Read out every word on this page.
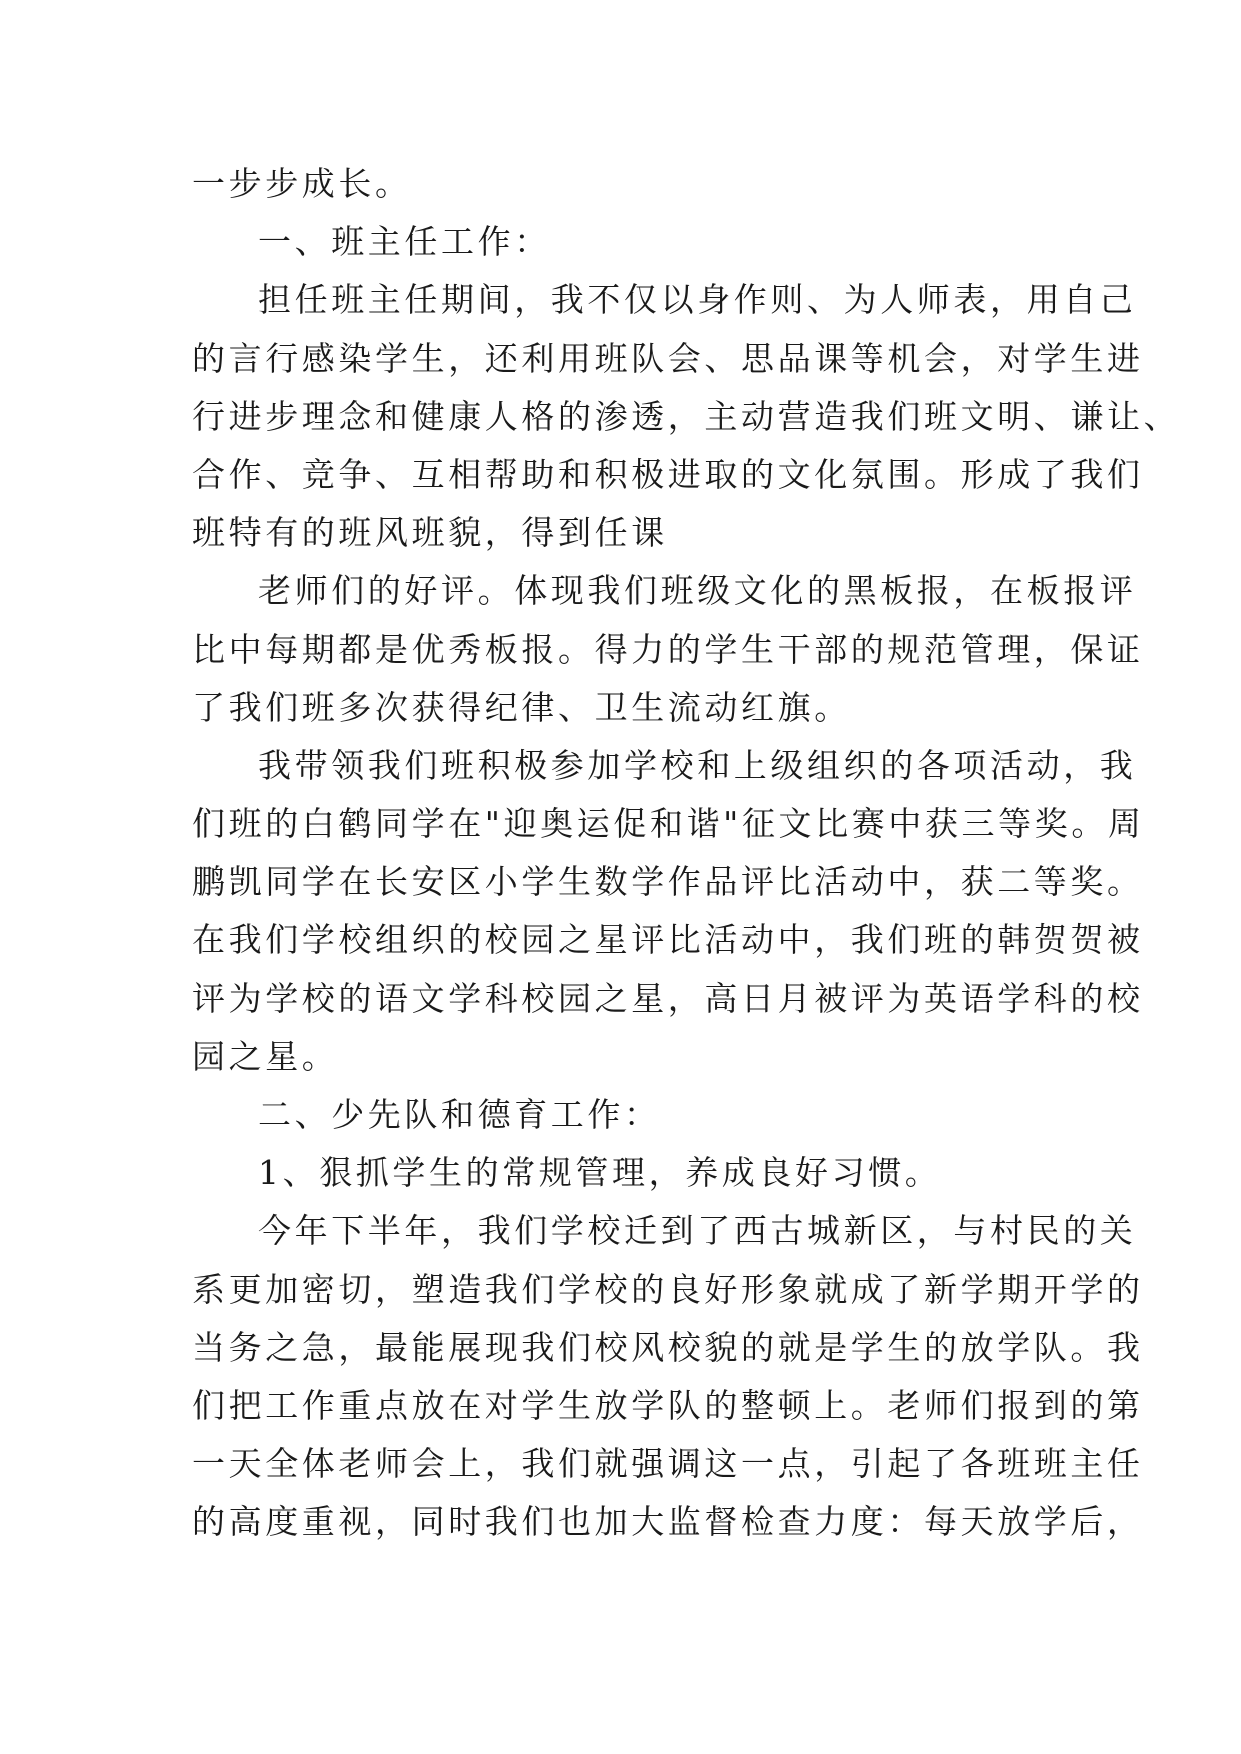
一步步成长。
一、班主任工作：
担任班主任期间，我不仅以身作则、为人师表，用自己
的言行感染学生，还利用班队会、思品课等机会，对学生进
行进步理念和健康人格的渗透，主动营造我们班文明、谦让、
合作、竞争、互相帮助和积极进取的文化氛围。形成了我们
班特有的班风班貌，得到任课
老师们的好评。体现我们班级文化的黑板报，在板报评
比中每期都是优秀板报。得力的学生干部的规范管理，保证
了我们班多次获得纪律、卫生流动红旗。
我带领我们班积极参加学校和上级组织的各项活动，我
们班的白鹤同学在"迎奥运促和谐"征文比赛中获三等奖。周
鹏凯同学在长安区小学生数学作品评比活动中，获二等奖。
在我们学校组织的校园之星评比活动中，我们班的韩贺贺被
评为学校的语文学科校园之星，高日月被评为英语学科的校
园之星。
二、少先队和德育工作：
1、狠抓学生的常规管理，养成良好习惯。
今年下半年，我们学校迁到了西古城新区，与村民的关
系更加密切，塑造我们学校的良好形象就成了新学期开学的
当务之急，最能展现我们校风校貌的就是学生的放学队。我
们把工作重点放在对学生放学队的整顿上。老师们报到的第
一天全体老师会上，我们就强调这一点，引起了各班班主任
的高度重视，同时我们也加大监督检查力度：每天放学后，
